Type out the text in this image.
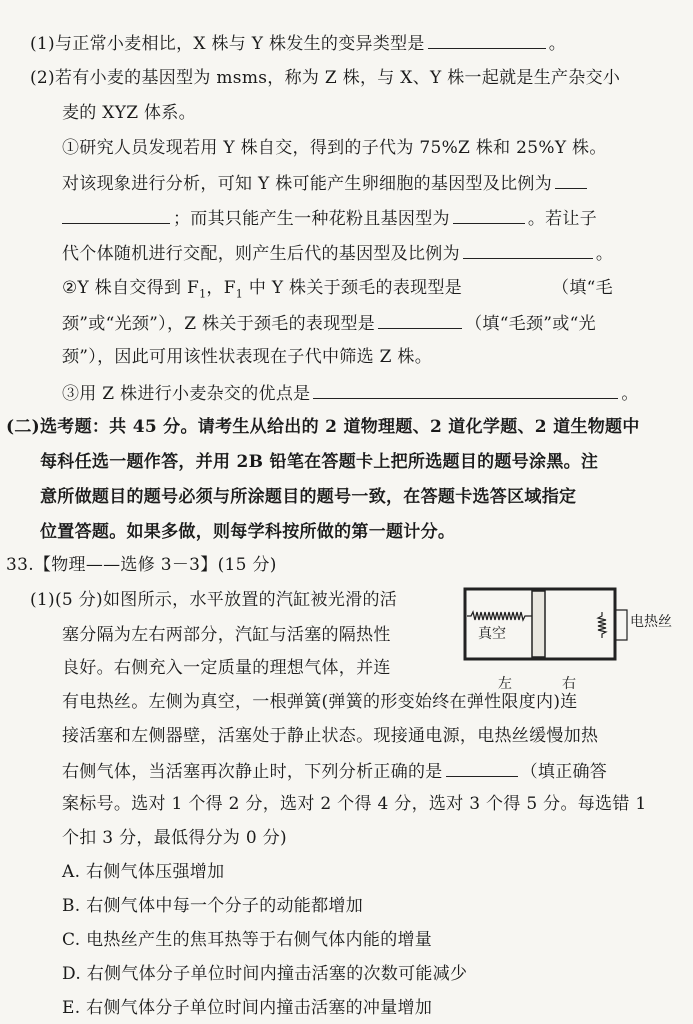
(1)与正常小麦相比，X 株与 Y 株发生的变异类型是	。
(2)若有小麦的基因型为 msms，称为 Z 株，与 X、Y 株一起就是生产杂交小
麦的 XYZ 体系。
①研究人员发现若用 Y 株自交，得到的子代为 75%Z 株和 25%Y 株。
对该现象进行分析，可知 Y 株可能产生卵细胞的基因型及比例为
；而其只能产生一种花粉且基因型为	。若让子
代个体随机进行交配，则产生后代的基因型及比例为	。
②Y 株自交得到 $F_1$，$F_1$ 中 Y 株关于颈毛的表现型是	（填“毛
颈”或“光颈”），Z 株关于颈毛的表现型是	（填“毛颈”或“光
颈”），因此可用该性状表现在子代中筛选 Z 株。
③用 Z 株进行小麦杂交的优点是	。
(二)选考题：共 45 分。请考生从给出的 2 道物理题、2 道化学题、2 道生物题中
每科任选一题作答，并用 2B 铅笔在答题卡上把所选题目的题号涂黑。注
意所做题目的题号必须与所涂题目的题号一致，在答题卡选答区域指定
位置答题。如果多做，则每学科按所做的第一题计分。
33.【物理——选修 3－3】(15 分)
(1)(5 分)如图所示，水平放置的汽缸被光滑的活
塞分隔为左右两部分，汽缸与活塞的隔热性
良好。右侧充入一定质量的理想气体，并连
有电热丝。左侧为真空，一根弹簧(弹簧的形变始终在弹性限度内)连
接活塞和左侧器壁，活塞处于静止状态。现接通电源，电热丝缓慢加热
右侧气体，当活塞再次静止时，下列分析正确的是	（填正确答
案标号。选对 1 个得 2 分，选对 2 个得 4 分，选对 3 个得 5 分。每选错 1
个扣 3 分，最低得分为 0 分)
A. 右侧气体压强增加
B. 右侧气体中每一个分子的动能都增加
C. 电热丝产生的焦耳热等于右侧气体内能的增量
D. 右侧气体分子单位时间内撞击活塞的次数可能减少
E. 右侧气体分子单位时间内撞击活塞的冲量增加
真空
电热丝
左	右
